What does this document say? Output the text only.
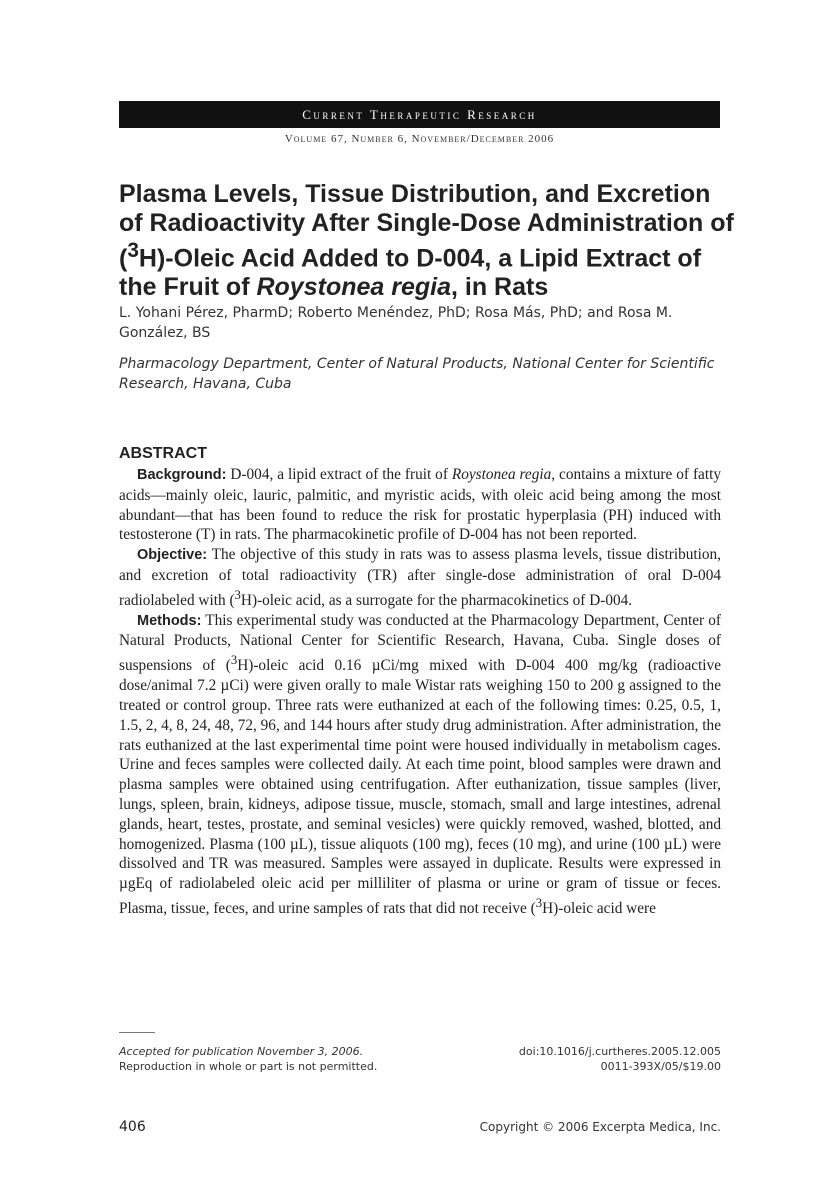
Current Therapeutic Research
Volume 67, Number 6, November/December 2006
Plasma Levels, Tissue Distribution, and Excretion of Radioactivity After Single-Dose Administration of ($^3$H)-Oleic Acid Added to D-004, a Lipid Extract of the Fruit of Roystonea regia, in Rats
L. Yohani Pérez, PharmD; Roberto Menéndez, PhD; Rosa Más, PhD; and Rosa M. González, BS
Pharmacology Department, Center of Natural Products, National Center for Scientific Research, Havana, Cuba
ABSTRACT

Background: D-004, a lipid extract of the fruit of Roystonea regia, contains a mixture of fatty acids—mainly oleic, lauric, palmitic, and myristic acids, with oleic acid being among the most abundant—that has been found to reduce the risk for prostatic hyperplasia (PH) induced with testosterone (T) in rats. The pharmacokinetic profile of D-004 has not been reported.

Objective: The objective of this study in rats was to assess plasma levels, tissue distribution, and excretion of total radioactivity (TR) after single-dose administration of oral D-004 radiolabeled with ($^3$H)-oleic acid, as a surrogate for the pharmacokinetics of D-004.

Methods: This experimental study was conducted at the Pharmacology Department, Center of Natural Products, National Center for Scientific Research, Havana, Cuba. Single doses of suspensions of ($^3$H)-oleic acid 0.16 µCi/mg mixed with D-004 400 mg/kg (radioactive dose/animal 7.2 µCi) were given orally to male Wistar rats weighing 150 to 200 g assigned to the treated or control group. Three rats were euthanized at each of the following times: 0.25, 0.5, 1, 1.5, 2, 4, 8, 24, 48, 72, 96, and 144 hours after study drug administration. After administration, the rats euthanized at the last experimental time point were housed individually in metabolism cages. Urine and feces samples were collected daily. At each time point, blood samples were drawn and plasma samples were obtained using centrifugation. After euthanization, tissue samples (liver, lungs, spleen, brain, kidneys, adipose tissue, muscle, stomach, small and large intestines, adrenal glands, heart, testes, prostate, and seminal vesicles) were quickly removed, washed, blotted, and homogenized. Plasma (100 µL), tissue aliquots (100 mg), feces (10 mg), and urine (100 µL) were dissolved and TR was measured. Samples were assayed in duplicate. Results were expressed in µgEq of radiolabeled oleic acid per milliliter of plasma or urine or gram of tissue or feces. Plasma, tissue, feces, and urine samples of rats that did not receive ($^3$H)-oleic acid were

Accepted for publication November 3, 2006.
Reproduction in whole or part is not permitted.
doi:10.1016/j.curtheres.2005.12.005
0011-393X/05/$19.00
406	Copyright © 2006 Excerpta Medica, Inc.
